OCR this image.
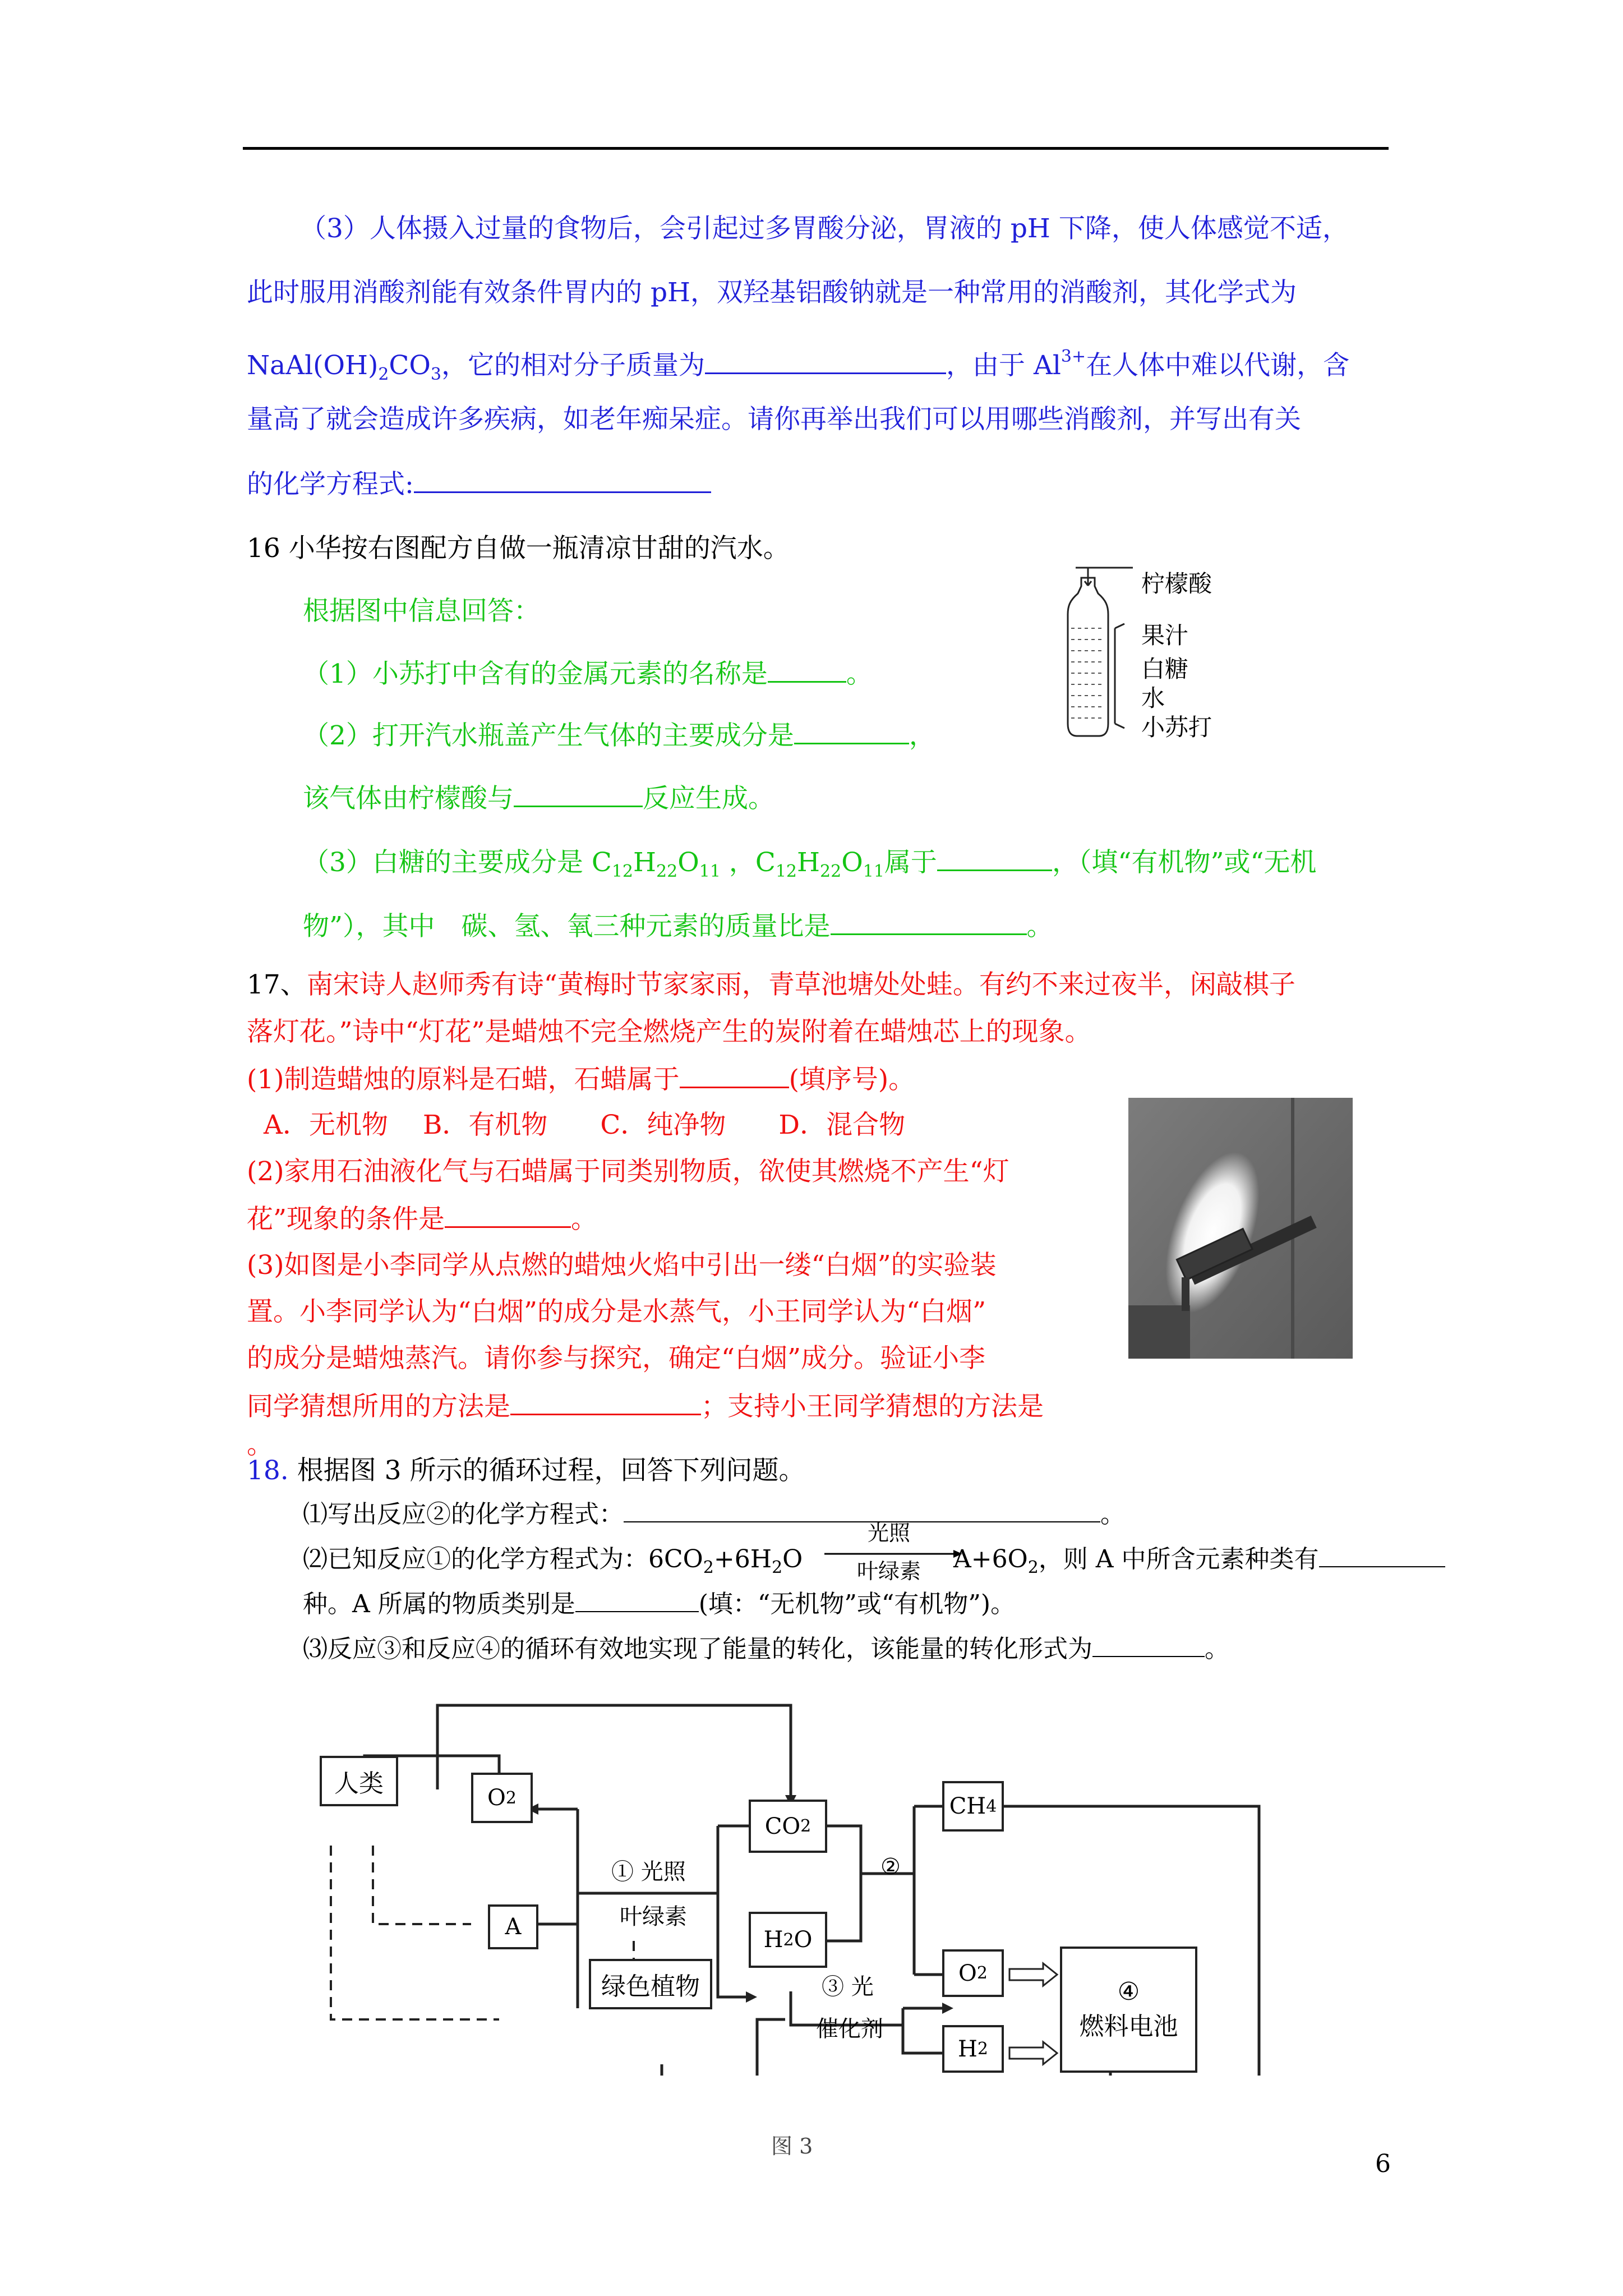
（3）人体摄入过量的食物后，会引起过多胃酸分泌，胃液的 pH 下降，使人体感觉不适，
此时服用消酸剂能有效条件胃内的 pH，双羟基铝酸钠就是一种常用的消酸剂，其化学式为
$NaAl(OH)_2CO_3$，它的相对分子质量为	，由于 $Al^{3+}$在人体中难以代谢，含
量高了就会造成许多疾病，如老年痴呆症。请你再举出我们可以用哪些消酸剂，并写出有关
的化学方程式:
16 小华按右图配方自做一瓶清凉甘甜的汽水。
根据图中信息回答：
（1）小苏打中含有的金属元素的名称是	。
（2）打开汽水瓶盖产生气体的主要成分是	，
该气体由柠檬酸与	反应生成。
（3）白糖的主要成分是 $C_{12}H_{22}O_{11}$ ，$C_{12}H_{22}O_{11}$属于	，（填“有机物”或“无机
物”），其中　碳、氢、氧三种元素的质量比是	。
柠檬酸
果汁
白糖
水
小苏打
17、南宋诗人赵师秀有诗“黄梅时节家家雨，青草池塘处处蛙。有约不来过夜半，闲敲棋子
落灯花。”诗中“灯花”是蜡烛不完全燃烧产生的炭附着在蜡烛芯上的现象。
(1)制造蜡烛的原料是石蜡，石蜡属于	(填序号)。
A．无机物　 B．有机物　　C．纯净物　　D．混合物
(2)家用石油液化气与石蜡属于同类别物质，欲使其燃烧不产生“灯
花”现象的条件是	。
(3)如图是小李同学从点燃的蜡烛火焰中引出一缕“白烟”的实验装
置。小李同学认为“白烟”的成分是水蒸气，小王同学认为“白烟”
的成分是蜡烛蒸汽。请你参与探究，确定“白烟”成分。验证小李
同学猜想所用的方法是	；支持小王同学猜想的方法是
。
18. 根据图 3 所示的循环过程，回答下列问题。
⑴写出反应②的化学方程式：	。
⑵已知反应①的化学方程式为：$6CO_2+6H_2O$
光照
叶绿素	$A+6O_2$，则 A 中所含元素种类有
种。A 所属的物质类别是	(填：“无机物”或“有机物”)。
⑶反应③和反应④的循环有效地实现了能量的转化，该能量的转化形式为	。
人类	O 2
A
绿色植物
CO 2
H 2 O
CH 4
O 2
H 2
④
燃料电池
① 光照
叶绿素
②
③ 光
催化剂
图 3
6
